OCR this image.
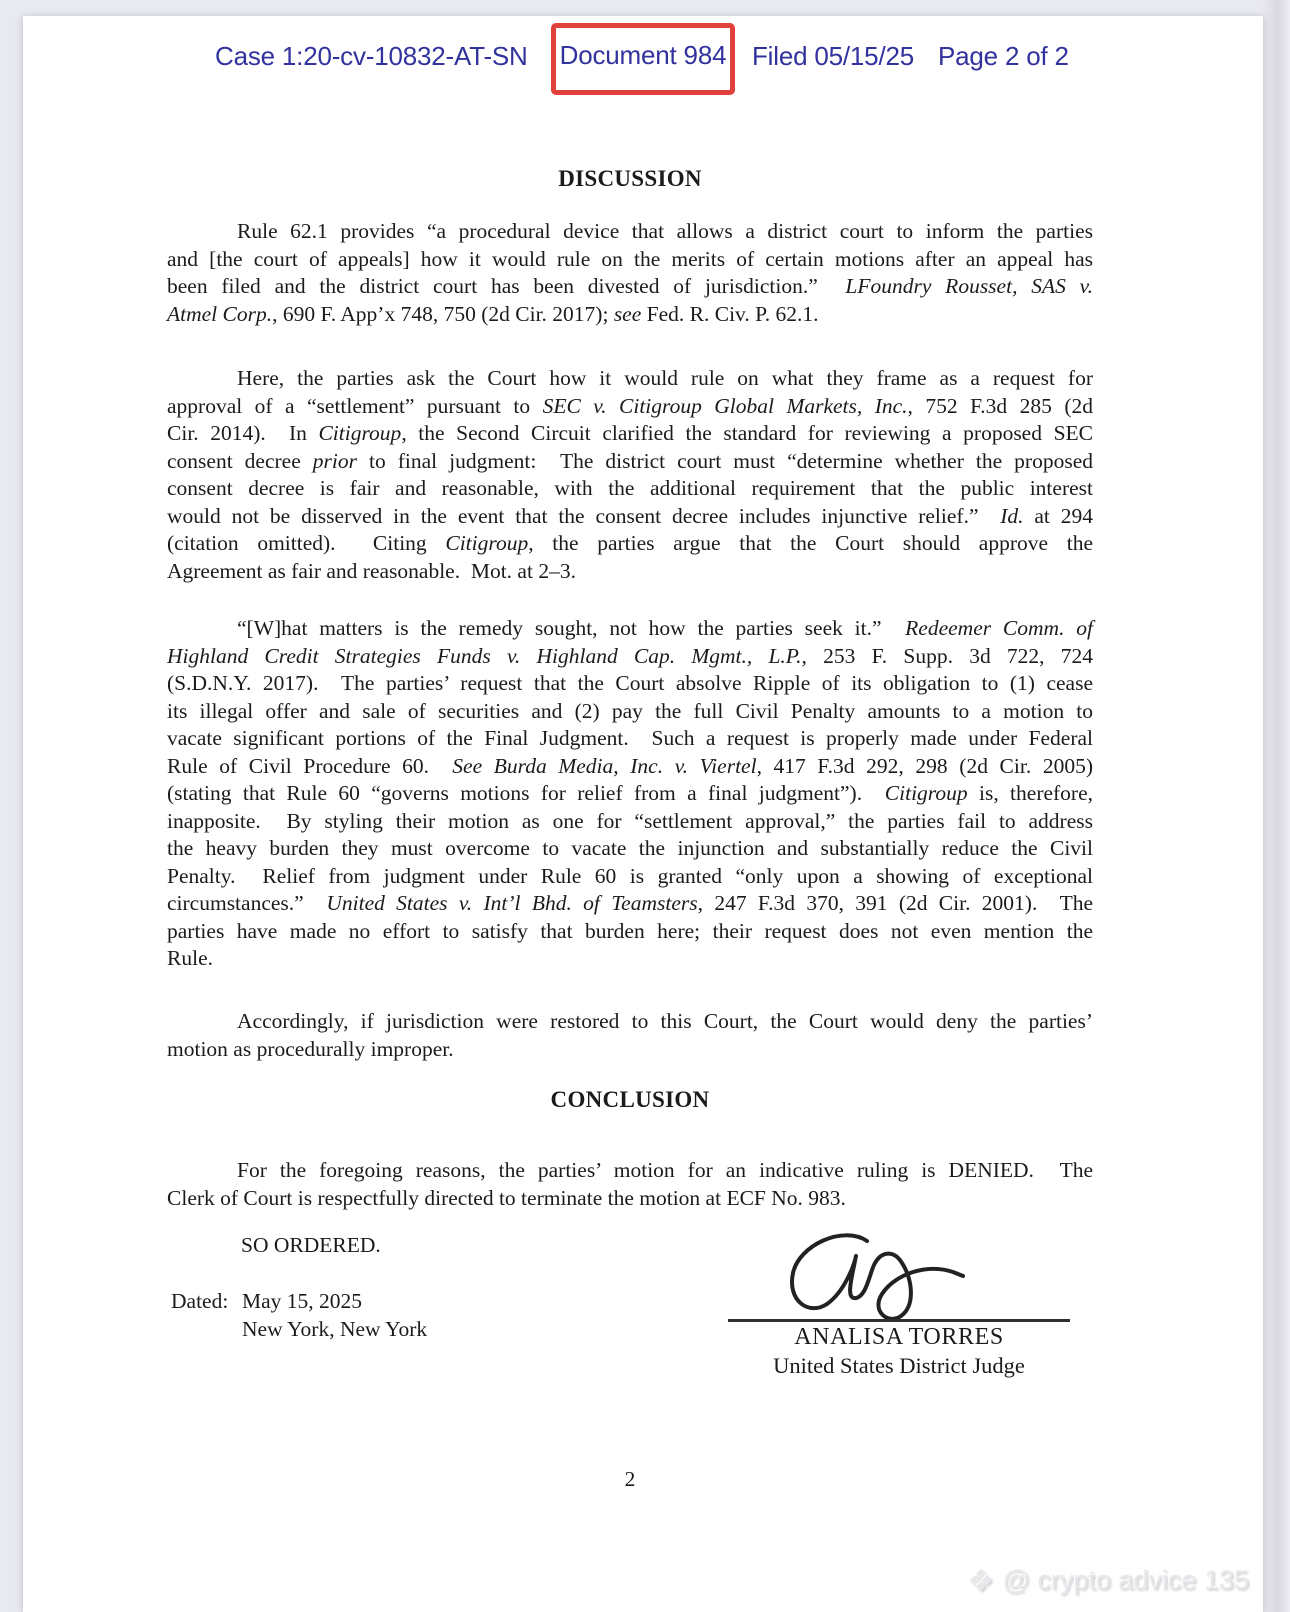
Case 1:20-cv-10832-AT-SN Document 984 Filed 05/15/25 Page 2 of 2
DISCUSSION
Rule 62.1 provides “a procedural device that allows a district court to inform the parties
and [the court of appeals] how it would rule on the merits of certain motions after an appeal has
been filed and the district court has been divested of jurisdiction.”  LFoundry Rousset, SAS v.
Atmel Corp., 690 F. App’x 748, 750 (2d Cir. 2017); see Fed. R. Civ. P. 62.1.
Here, the parties ask the Court how it would rule on what they frame as a request for
approval of a “settlement” pursuant to SEC v. Citigroup Global Markets, Inc., 752 F.3d 285 (2d
Cir. 2014).  In Citigroup, the Second Circuit clarified the standard for reviewing a proposed SEC
consent decree prior to final judgment:  The district court must “determine whether the proposed
consent decree is fair and reasonable, with the additional requirement that the public interest
would not be disserved in the event that the consent decree includes injunctive relief.”  Id. at 294
(citation omitted).  Citing Citigroup, the parties argue that the Court should approve the
Agreement as fair and reasonable.  Mot. at 2–3.
“[W]hat matters is the remedy sought, not how the parties seek it.”  Redeemer Comm. of
Highland Credit Strategies Funds v. Highland Cap. Mgmt., L.P., 253 F. Supp. 3d 722, 724
(S.D.N.Y. 2017).  The parties’ request that the Court absolve Ripple of its obligation to (1) cease
its illegal offer and sale of securities and (2) pay the full Civil Penalty amounts to a motion to
vacate significant portions of the Final Judgment.  Such a request is properly made under Federal
Rule of Civil Procedure 60.  See Burda Media, Inc. v. Viertel, 417 F.3d 292, 298 (2d Cir. 2005)
(stating that Rule 60 “governs motions for relief from a final judgment”).  Citigroup is, therefore,
inapposite.  By styling their motion as one for “settlement approval,” the parties fail to address
the heavy burden they must overcome to vacate the injunction and substantially reduce the Civil
Penalty.  Relief from judgment under Rule 60 is granted “only upon a showing of exceptional
circumstances.”  United States v. Int’l Bhd. of Teamsters, 247 F.3d 370, 391 (2d Cir. 2001).  The
parties have made no effort to satisfy that burden here; their request does not even mention the
Rule.
Accordingly, if jurisdiction were restored to this Court, the Court would deny the parties’
motion as procedurally improper.
For the foregoing reasons, the parties’ motion for an indicative ruling is DENIED.  The
Clerk of Court is respectfully directed to terminate the motion at ECF No. 983.
CONCLUSION
SO ORDERED.
Dated: May 15, 2025
New York, New York	ANALISA TORRES
United States District Judge
2
❖ @ crypto advice 135
